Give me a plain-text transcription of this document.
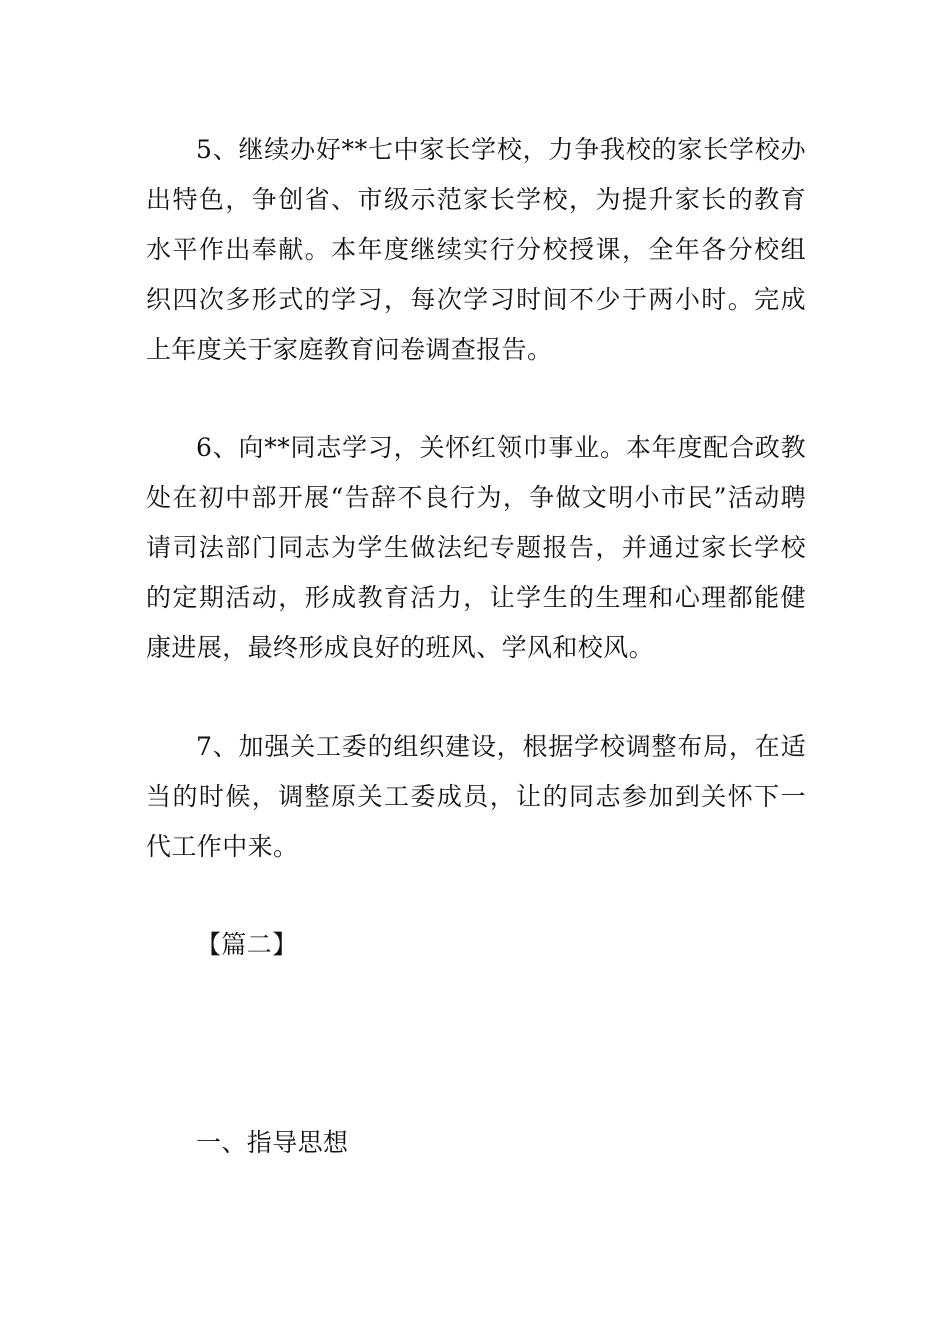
5、继续办好**七中家长学校，力争我校的家长学校办出特色，争创省、市级示范家长学校，为提升家长的教育水平作出奉献。本年度继续实行分校授课，全年各分校组织四次多形式的学习，每次学习时间不少于两小时。完成上年度关于家庭教育问卷调查报告。

6、向**同志学习，关怀红领巾事业。本年度配合政教处在初中部开展“告辞不良行为，争做文明小市民”活动聘请司法部门同志为学生做法纪专题报告，并通过家长学校的定期活动，形成教育活力，让学生的生理和心理都能健康进展，最终形成良好的班风、学风和校风。

7、加强关工委的组织建设，根据学校调整布局，在适当的时候，调整原关工委成员，让的同志参加到关怀下一代工作中来。

【篇二】

一、指导思想
